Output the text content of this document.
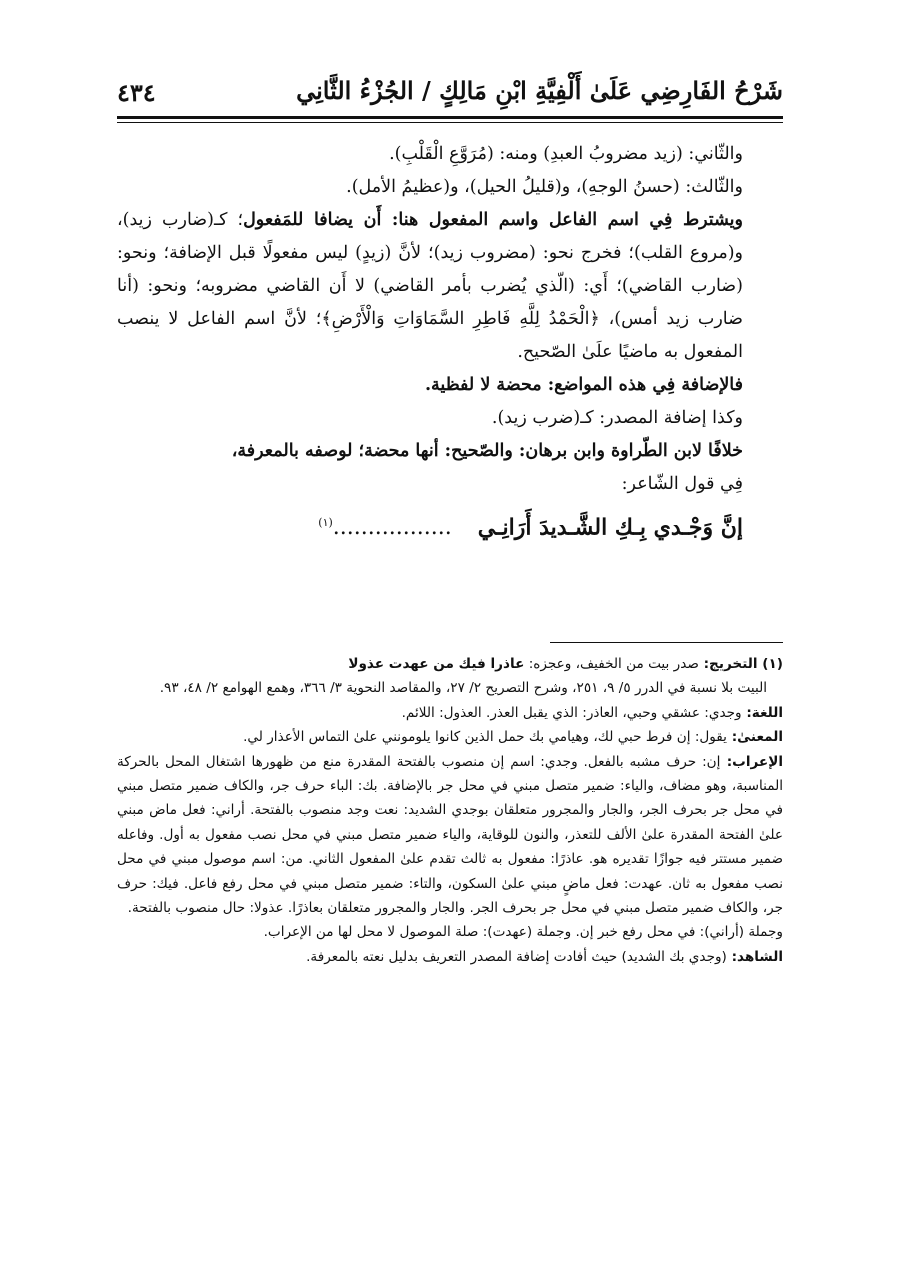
شَرْحُ الفَارِضِي عَلَىٰ أَلْفِيَّةِ ابْنِ مَالِكٍ / الجُزْءُ الثَّانِي
٤٣٤

والثّاني: (زيد مضروبُ العبدِ) ومنه: (مُرَوَّعِ الْقَلْبِ).

والثّالث: (حسنُ الوجهِ)، و(قليلُ الحيل)، و(عظيمُ الأمل).

ويشترط فِي اسم الفاعل واسم المفعول هنا: أَن يضافا للمَفعول؛ كـ(ضارب زيد)، و(مروع القلب)؛ فخرج نحو: (مضروب زيد)؛ لأنَّ (زيدٍ) ليس مفعولًا قبل الإضافة؛ ونحو: (ضارب القاضي)؛ أَي: (الّذي يُضرب بأمر القاضي) لا أَن القاضي مضروبه؛ ونحو: (أنا ضارب زيد أمس)، ﴿الْحَمْدُ لِلَّهِ فَاطِرِ السَّمَاوَاتِ وَالْأَرْضِ﴾؛ لأنَّ اسم الفاعل لا ينصب المفعول به ماضيًا علَىٰ الصّحيح.

فالإضافة فِي هذه المواضع: محضة لا لفظية.

وكذا إضافة المصدر: كـ(ضرب زيد).

خلافًا لابن الطّراوة وابن برهان: والصّحيح: أنها محضة؛ لوصفه بالمعرفة،

فِي قول الشّاعر:

إنَّ وَجْـدي بِـكِ الشَّـديدَ أَرَانِـي.................$^{(١)}$

(١) التخريج: صدر بيت من الخفيف، وعجزه: عاذرا فيك من عهدت عذولا

البيت بلا نسبة في الدرر ٥/ ٩، ٢٥١، وشرح التصريح ٢/ ٢٧، والمقاصد النحوية ٣/ ٣٦٦، وهمع الهوامع ٢/ ٤٨، ٩٣.

اللغة: وجدي: عشقي وحبي، العاذر: الذي يقبل العذر. العذول: اللائم.

المعنىٰ: يقول: إن فرط حبي لك، وهيامي بك حمل الذين كانوا يلومونني علىٰ التماس الأعذار لي.

الإعراب: إن: حرف مشبه بالفعل. وجدي: اسم إن منصوب بالفتحة المقدرة منع من ظهورها اشتغال المحل بالحركة المناسبة، وهو مضاف، والياء: ضمير متصل مبني في محل جر بالإضافة. بك: الباء حرف جر، والكاف ضمير متصل مبني في محل جر بحرف الجر، والجار والمجرور متعلقان بوجدي الشديد: نعت وجد منصوب بالفتحة. أراني: فعل ماض مبني علىٰ الفتحة المقدرة علىٰ الألف للتعذر، والنون للوقاية، والياء ضمير متصل مبني في محل نصب مفعول به أول. وفاعله ضمير مستتر فيه جوازًا تقديره هو. عاذرًا: مفعول به ثالث تقدم علىٰ المفعول الثاني. من: اسم موصول مبني في محل نصب مفعول به ثان. عهدت: فعل ماضٍ مبني علىٰ السكون، والتاء: ضمير متصل مبني في محل رفع فاعل. فيك: حرف جر، والكاف ضمير متصل مبني في محل جر بحرف الجر. والجار والمجرور متعلقان بعاذرًا. عذولا: حال منصوب بالفتحة.

وجملة (أراني): في محل رفع خبر إن. وجملة (عهدت): صلة الموصول لا محل لها من الإعراب.

الشاهد: (وجدي بك الشديد) حيث أفادت إضافة المصدر التعريف بدليل نعته بالمعرفة.
